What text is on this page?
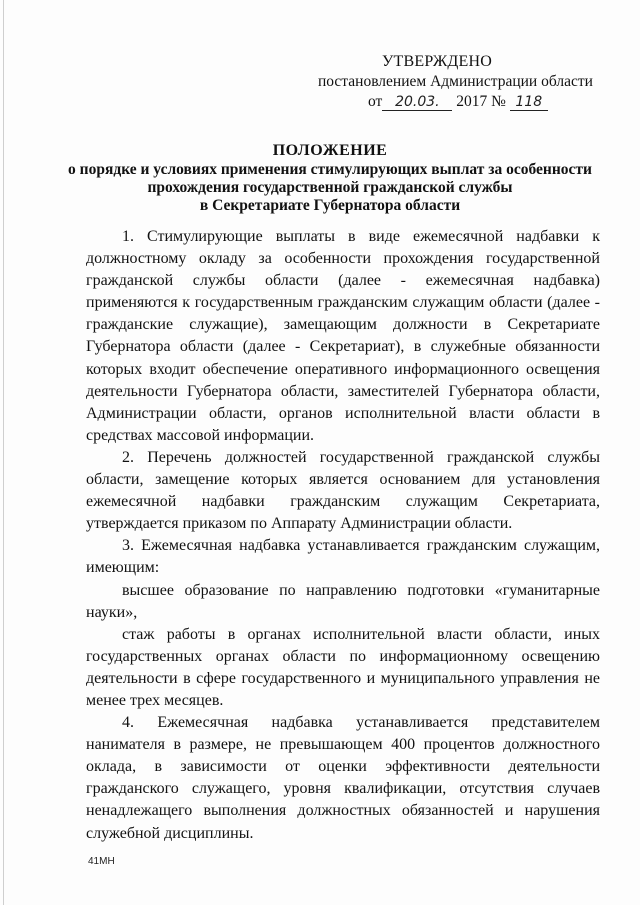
УТВЕРЖДЕНО
постановлением Администрации области
от 20.03. 2017 № 118
ПОЛОЖЕНИЕ
о порядке и условиях применения стимулирующих выплат за особенности
прохождения государственной гражданской службы
в Секретариате Губернатора области

1. Стимулирующие выплаты в виде ежемесячной надбавки к должностному окладу за особенности прохождения государственной гражданской службы области (далее - ежемесячная надбавка) применяются к государственным гражданским служащим области (далее - гражданские служащие), замещающим должности в Секретариате Губернатора области (далее - Секретариат), в служебные обязанности которых входит обеспечение оперативного информационного освещения деятельности Губернатора области, заместителей Губернатора области, Администрации области, органов исполнительной власти области в средствах массовой информации.

2. Перечень должностей государственной гражданской службы области, замещение которых является основанием для установления ежемесячной надбавки гражданским служащим Секретариата, утверждается приказом по Аппарату Администрации области.

3. Ежемесячная надбавка устанавливается гражданским служащим, имеющим:

высшее образование по направлению подготовки «гуманитарные науки»,

стаж работы в органах исполнительной власти области, иных государственных органах области по информационному освещению деятельности в сфере государственного и муниципального управления не менее трех месяцев.

4. Ежемесячная надбавка устанавливается представителем нанимателя в размере, не превышающем 400 процентов должностного оклада, в зависимости от оценки эффективности деятельности гражданского служащего, уровня квалификации, отсутствия случаев ненадлежащего выполнения должностных обязанностей и нарушения служебной дисциплины.

41МН
